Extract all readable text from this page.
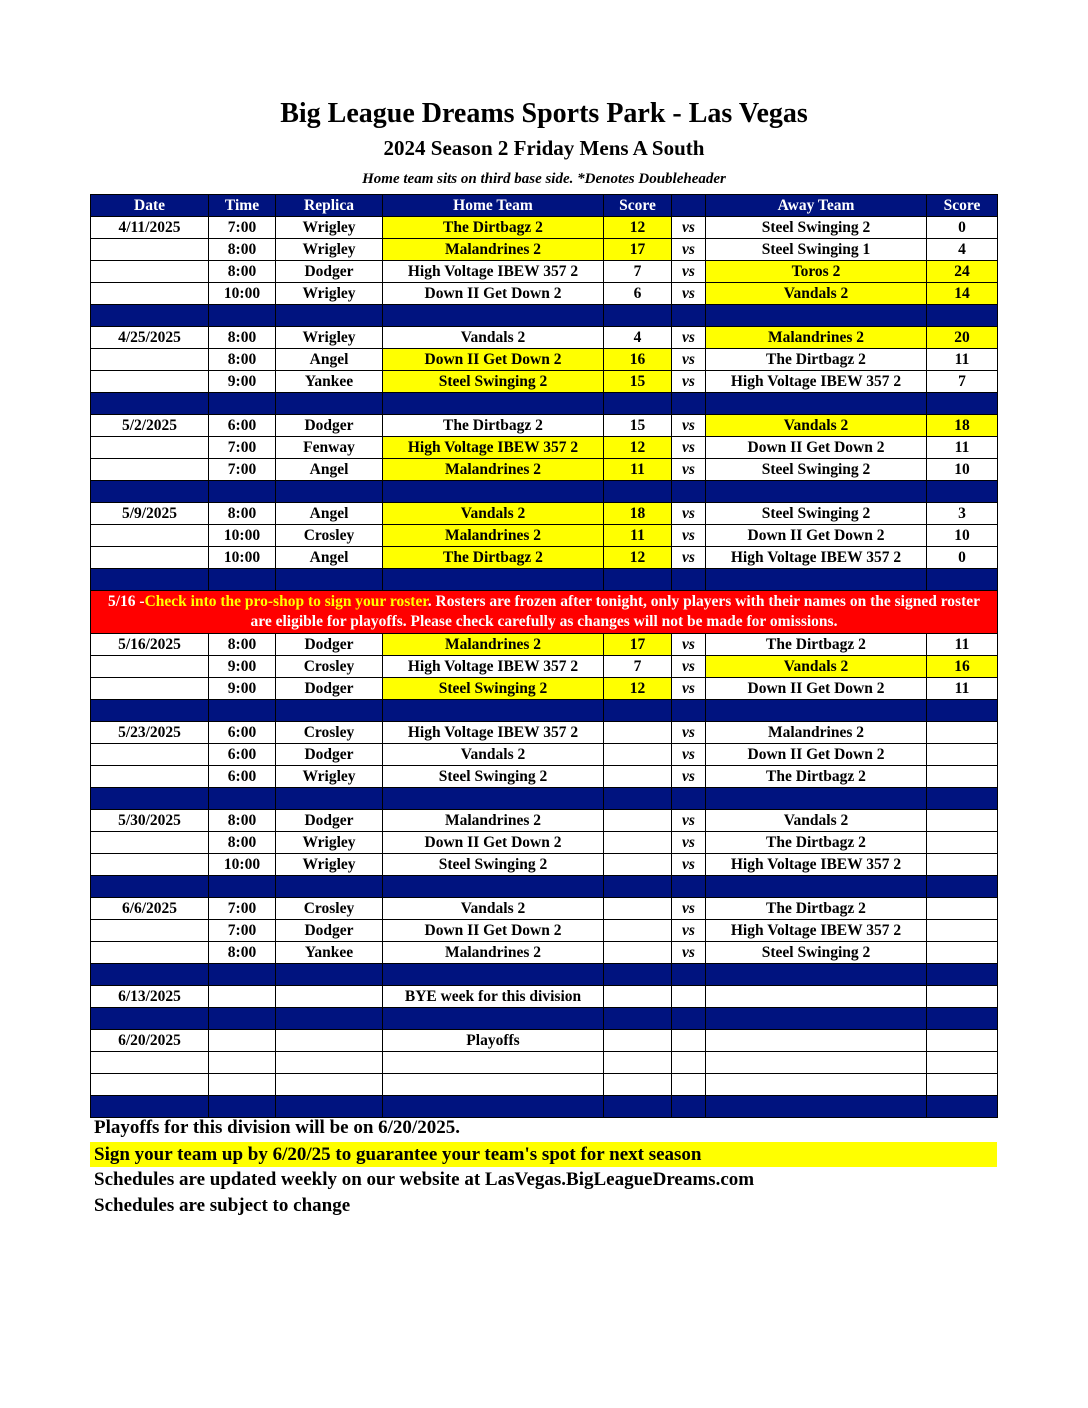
Big League Dreams Sports Park - Las Vegas
2024 Season 2 Friday Mens A South
Home team sits on third base side. *Denotes Doubleheader
Date	Time	Replica	Home Team	Score		Away Team	Score
4/11/2025	7:00	Wrigley	The Dirtbagz 2	12	vs	Steel Swinging 2	0
	8:00	Wrigley	Malandrines 2	17	vs	Steel Swinging 1	4
	8:00	Dodger	High Voltage IBEW 357 2	7	vs	Toros 2	24
	10:00	Wrigley	Down II Get Down 2	6	vs	Vandals 2	14

4/25/2025	8:00	Wrigley	Vandals 2	4	vs	Malandrines 2	20
	8:00	Angel	Down II Get Down 2	16	vs	The Dirtbagz 2	11
	9:00	Yankee	Steel Swinging 2	15	vs	High Voltage IBEW 357 2	7

5/2/2025	6:00	Dodger	The Dirtbagz 2	15	vs	Vandals 2	18
	7:00	Fenway	High Voltage IBEW 357 2	12	vs	Down II Get Down 2	11
	7:00	Angel	Malandrines 2	11	vs	Steel Swinging 2	10

5/9/2025	8:00	Angel	Vandals 2	18	vs	Steel Swinging 2	3
	10:00	Crosley	Malandrines 2	11	vs	Down II Get Down 2	10
	10:00	Angel	The Dirtbagz 2	12	vs	High Voltage IBEW 357 2	0

5/16 -Check into the pro-shop to sign your roster. Rosters are frozen after tonight, only players with their names on the signed roster are eligible for playoffs. Please check carefully as changes will not be made for omissions.							
5/16/2025	8:00	Dodger	Malandrines 2	17	vs	The Dirtbagz 2	11
	9:00	Crosley	High Voltage IBEW 357 2	7	vs	Vandals 2	16
	9:00	Dodger	Steel Swinging 2	12	vs	Down II Get Down 2	11

5/23/2025	6:00	Crosley	High Voltage IBEW 357 2		vs	Malandrines 2	
	6:00	Dodger	Vandals 2		vs	Down II Get Down 2	
	6:00	Wrigley	Steel Swinging 2		vs	The Dirtbagz 2	

5/30/2025	8:00	Dodger	Malandrines 2		vs	Vandals 2	
	8:00	Wrigley	Down II Get Down 2		vs	The Dirtbagz 2	
	10:00	Wrigley	Steel Swinging 2		vs	High Voltage IBEW 357 2	

6/6/2025	7:00	Crosley	Vandals 2		vs	The Dirtbagz 2	
	7:00	Dodger	Down II Get Down 2		vs	High Voltage IBEW 357 2	
	8:00	Yankee	Malandrines 2		vs	Steel Swinging 2	

6/13/2025			BYE week for this division				

6/20/2025			Playoffs				

Playoffs for this division will be on 6/20/2025.
Sign your team up by 6/20/25 to guarantee your team's spot for next season
Schedules are updated weekly on our website at LasVegas.BigLeagueDreams.com
Schedules are subject to change
